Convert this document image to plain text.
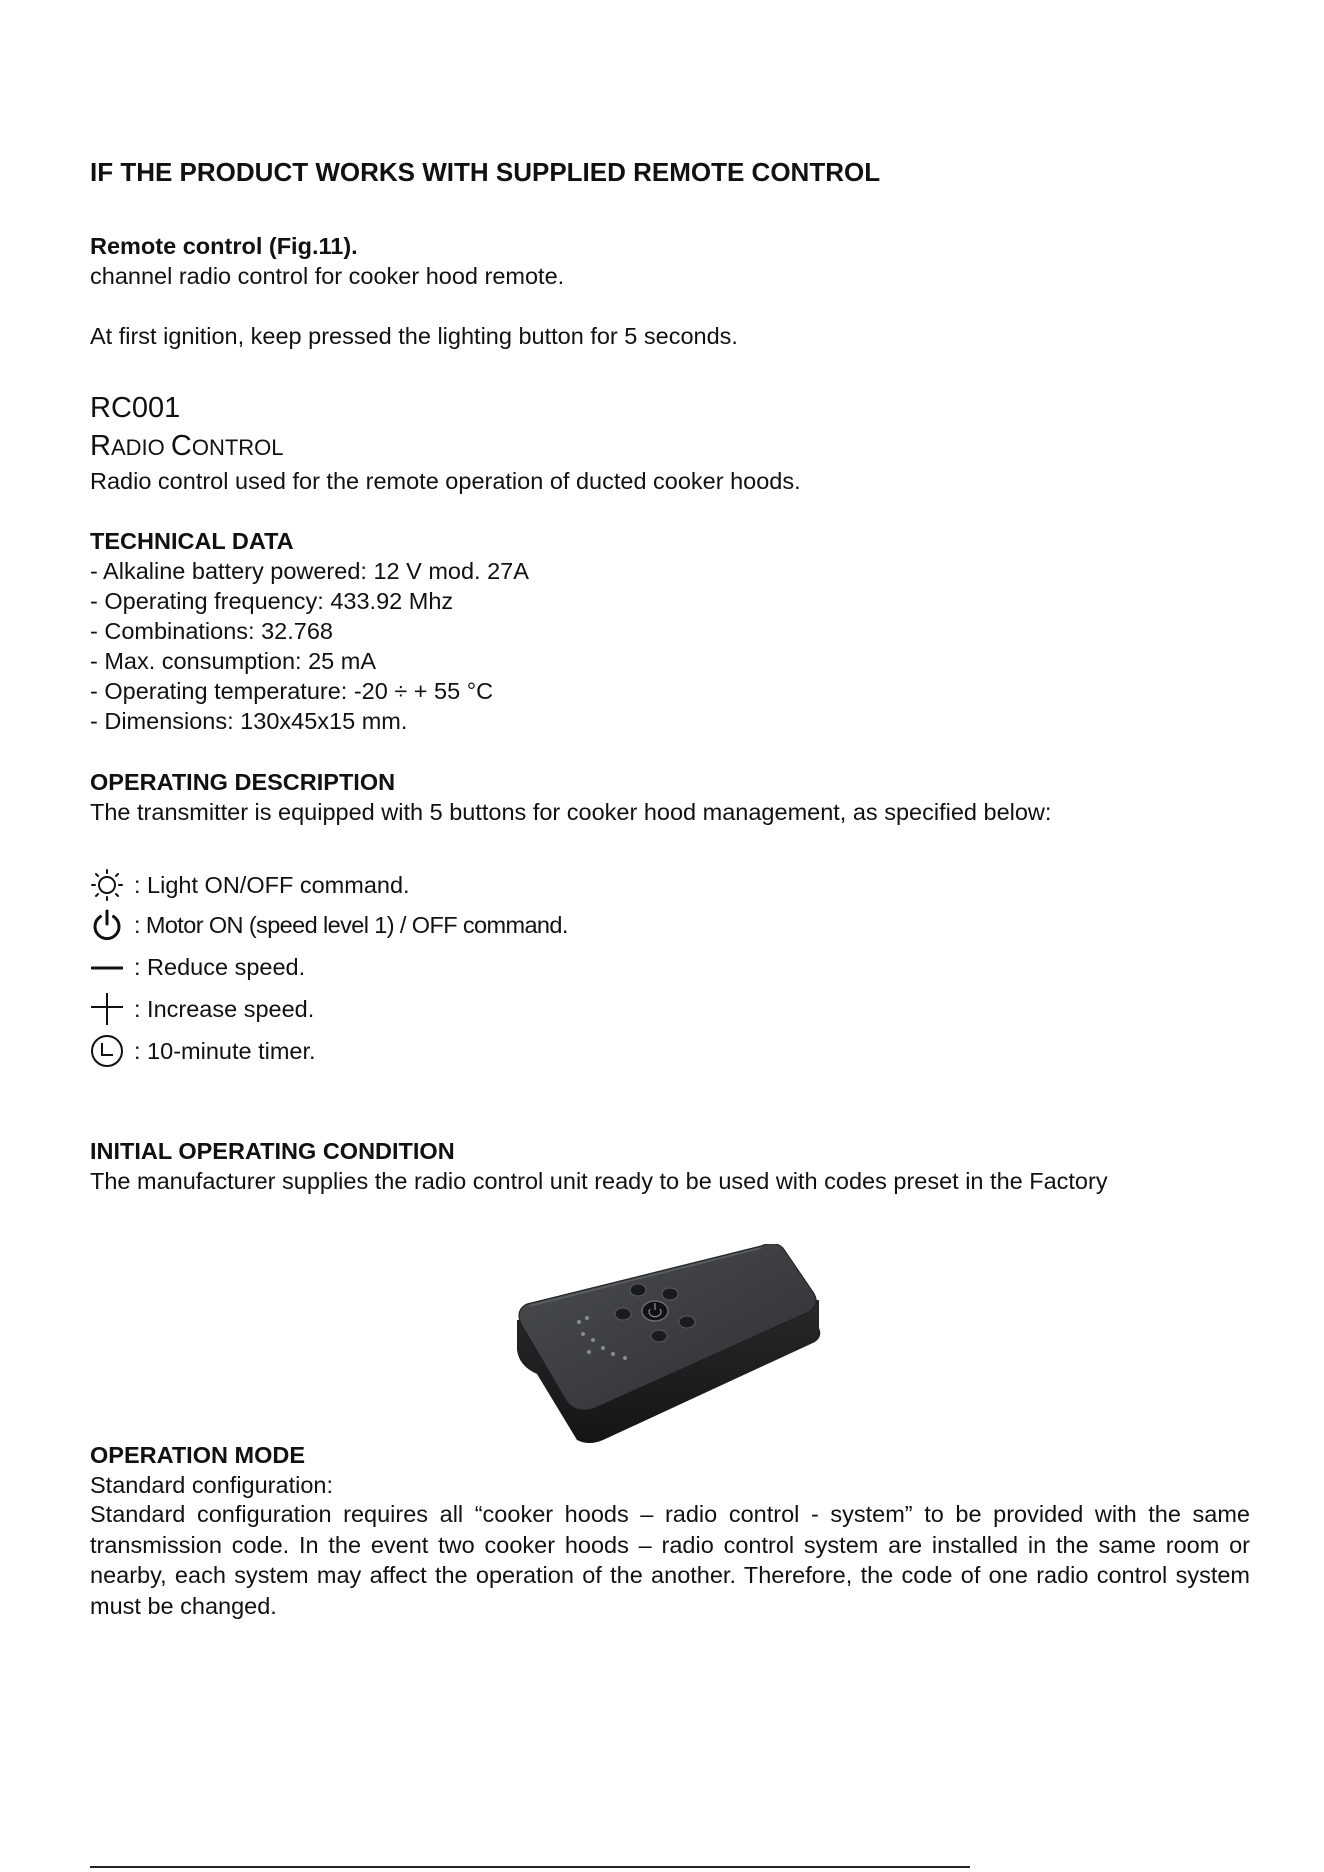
IF THE PRODUCT WORKS WITH SUPPLIED REMOTE CONTROL
Remote control (Fig.11).
channel radio control for cooker hood remote.
At first ignition, keep pressed the lighting button for 5 seconds.
RC001
RADIO CONTROL
Radio control used for the remote operation of ducted cooker hoods.
TECHNICAL DATA
- Alkaline battery powered: 12 V mod. 27A
- Operating frequency: 433.92 Mhz
- Combinations: 32.768
- Max. consumption: 25 mA
- Operating temperature: -20 ÷ + 55 °C
- Dimensions: 130x45x15 mm.
OPERATING DESCRIPTION
The transmitter is equipped with 5 buttons for cooker hood management, as specified below:
: Light ON/OFF command.
: Motor ON (speed level 1) / OFF command.
: Reduce speed.
: Increase speed.
: 10-minute timer.
INITIAL OPERATING CONDITION
The manufacturer supplies the radio control unit ready to be used with codes preset in the Factory
OPERATION MODE
Standard configuration:
Standard configuration requires all “cooker hoods – radio control - system” to be provided with the same transmission code. In the event two cooker hoods – radio control system are installed in the same room or nearby, each system may affect the operation of the another. Therefore, the code of one radio control system must be changed.
